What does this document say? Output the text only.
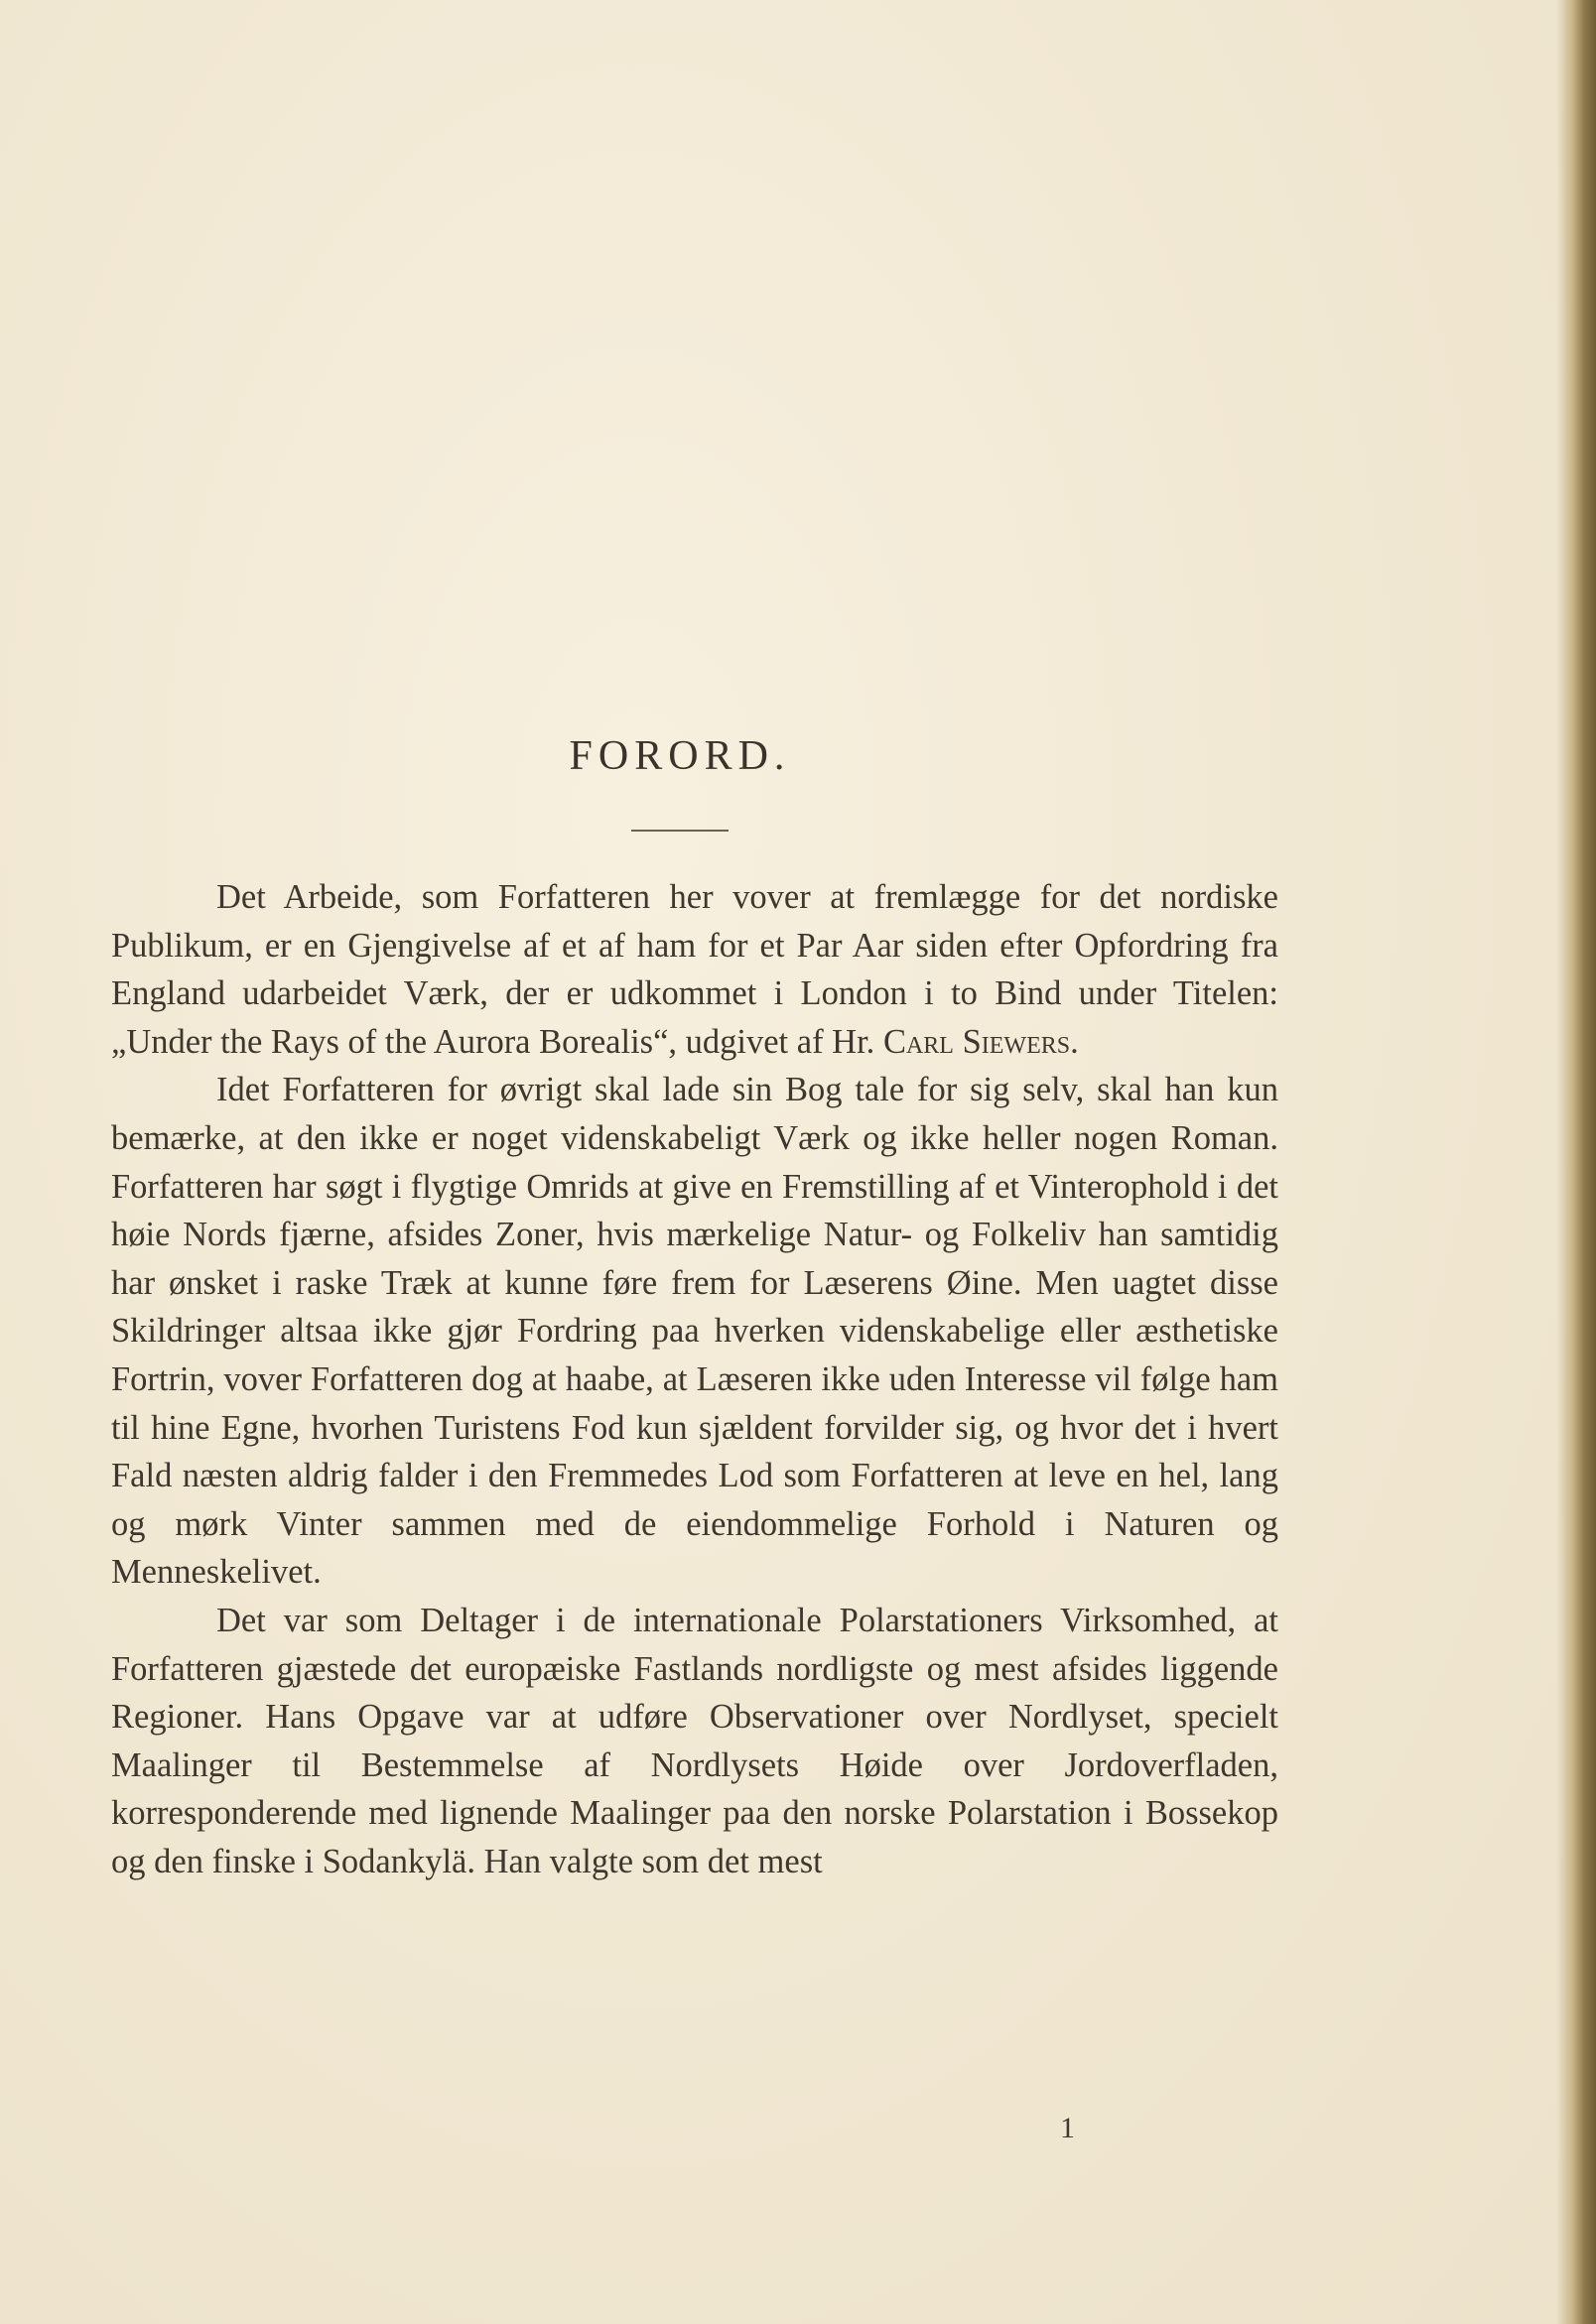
FORORD.

Det Arbeide, som Forfatteren her vover at fremlægge for det nordiske Publikum, er en Gjengivelse af et af ham for et Par Aar siden efter Opfordring fra England udarbeidet Værk, der er udkommet i London i to Bind under Titelen: „Under the Rays of the Aurora Borealis“, udgivet af Hr. Carl Siewers.

Idet Forfatteren for øvrigt skal lade sin Bog tale for sig selv, skal han kun bemærke, at den ikke er noget videnskabeligt Værk og ikke heller nogen Roman. Forfatteren har søgt i flygtige Omrids at give en Fremstilling af et Vinterophold i det høie Nords fjærne, afsides Zoner, hvis mærkelige Natur- og Folkeliv han samtidig har ønsket i raske Træk at kunne føre frem for Læserens Øine. Men uagtet disse Skildringer altsaa ikke gjør Fordring paa hverken videnskabelige eller æsthetiske Fortrin, vover Forfatteren dog at haabe, at Læseren ikke uden Interesse vil følge ham til hine Egne, hvorhen Turistens Fod kun sjældent forvilder sig, og hvor det i hvert Fald næsten aldrig falder i den Fremmedes Lod som Forfatteren at leve en hel, lang og mørk Vinter sammen med de eiendommelige Forhold i Naturen og Menneskelivet.

Det var som Deltager i de internationale Polarstationers Virksomhed, at Forfatteren gjæstede det europæiske Fastlands nordligste og mest afsides liggende Regioner. Hans Opgave var at udføre Observationer over Nordlyset, specielt Maalinger til Bestemmelse af Nordlysets Høide over Jordoverfladen, korresponderende med lignende Maalinger paa den norske Polarstation i Bossekop og den finske i Sodankylä. Han valgte som det mest

1
